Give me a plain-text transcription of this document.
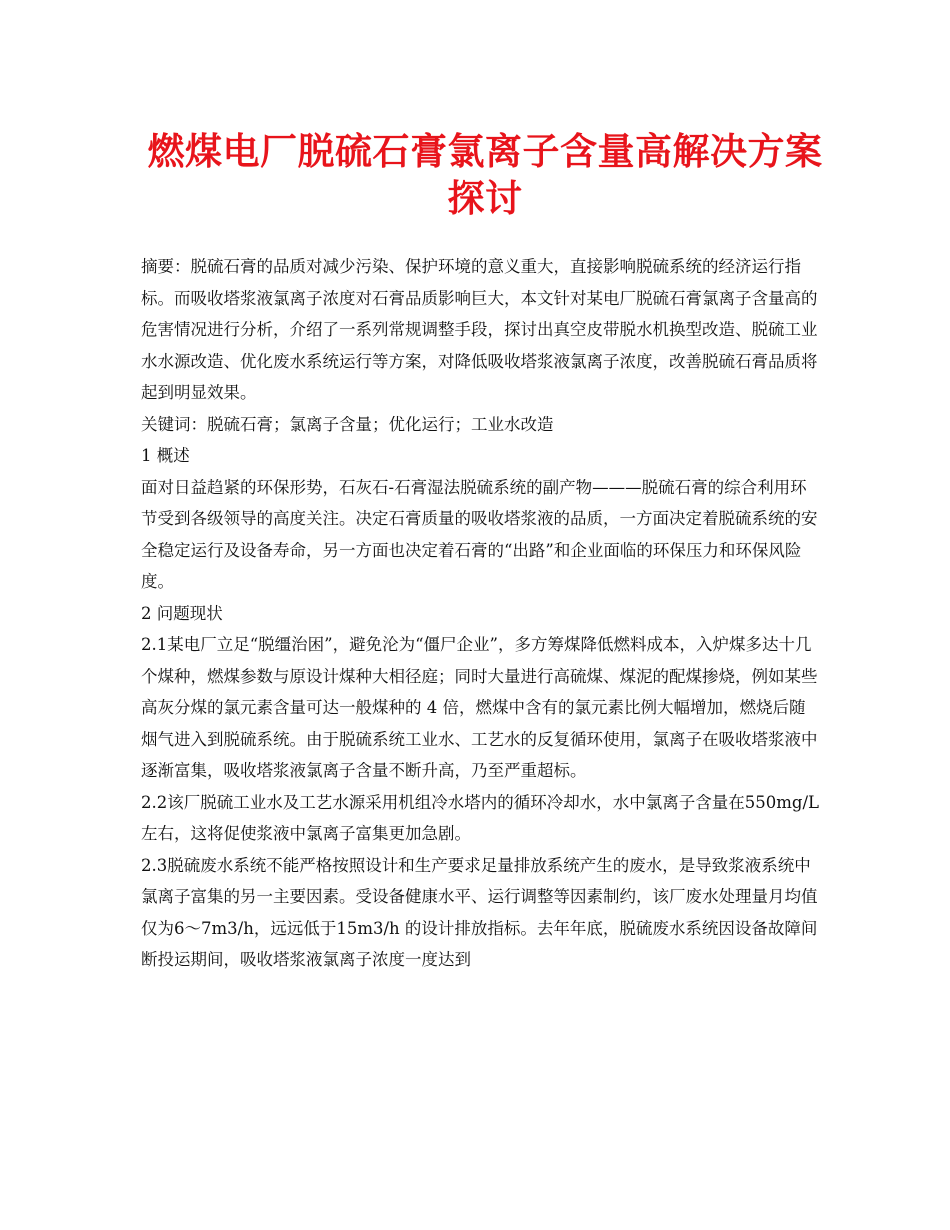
燃煤电厂脱硫石膏氯离子含量高解决方案探讨

摘要：脱硫石膏的品质对减少污染、保护环境的意义重大，直接影响脱硫系统的经济运行指标。而吸收塔浆液氯离子浓度对石膏品质影响巨大，本文针对某电厂脱硫石膏氯离子含量高的危害情况进行分析，介绍了一系列常规调整手段，探讨出真空皮带脱水机换型改造、脱硫工业水水源改造、优化废水系统运行等方案，对降低吸收塔浆液氯离子浓度，改善脱硫石膏品质将起到明显效果。

关键词：脱硫石膏；氯离子含量；优化运行；工业水改造

1 概述

面对日益趋紧的环保形势，石灰石-石膏湿法脱硫系统的副产物———脱硫石膏的综合利用环节受到各级领导的高度关注。决定石膏质量的吸收塔浆液的品质，一方面决定着脱硫系统的安全稳定运行及设备寿命，另一方面也决定着石膏的“出路”和企业面临的环保压力和环保风险度。

2 问题现状

2.1某电厂立足“脱缰治困”，避免沦为“僵尸企业”，多方筹煤降低燃料成本，入炉煤多达十几个煤种，燃煤参数与原设计煤种大相径庭；同时大量进行高硫煤、煤泥的配煤掺烧，例如某些高灰分煤的氯元素含量可达一般煤种的 4 倍，燃煤中含有的氯元素比例大幅增加，燃烧后随烟气进入到脱硫系统。由于脱硫系统工业水、工艺水的反复循环使用，氯离子在吸收塔浆液中逐渐富集，吸收塔浆液氯离子含量不断升高，乃至严重超标。

2.2该厂脱硫工业水及工艺水源采用机组冷水塔内的循环冷却水，水中氯离子含量在550mg/L 左右，这将促使浆液中氯离子富集更加急剧。

2.3脱硫废水系统不能严格按照设计和生产要求足量排放系统产生的废水，是导致浆液系统中氯离子富集的另一主要因素。受设备健康水平、运行调整等因素制约，该厂废水处理量月均值仅为6～7m3/h，远远低于15m3/h 的设计排放指标。去年年底，脱硫废水系统因设备故障间断投运期间，吸收塔浆液氯离子浓度一度达到
